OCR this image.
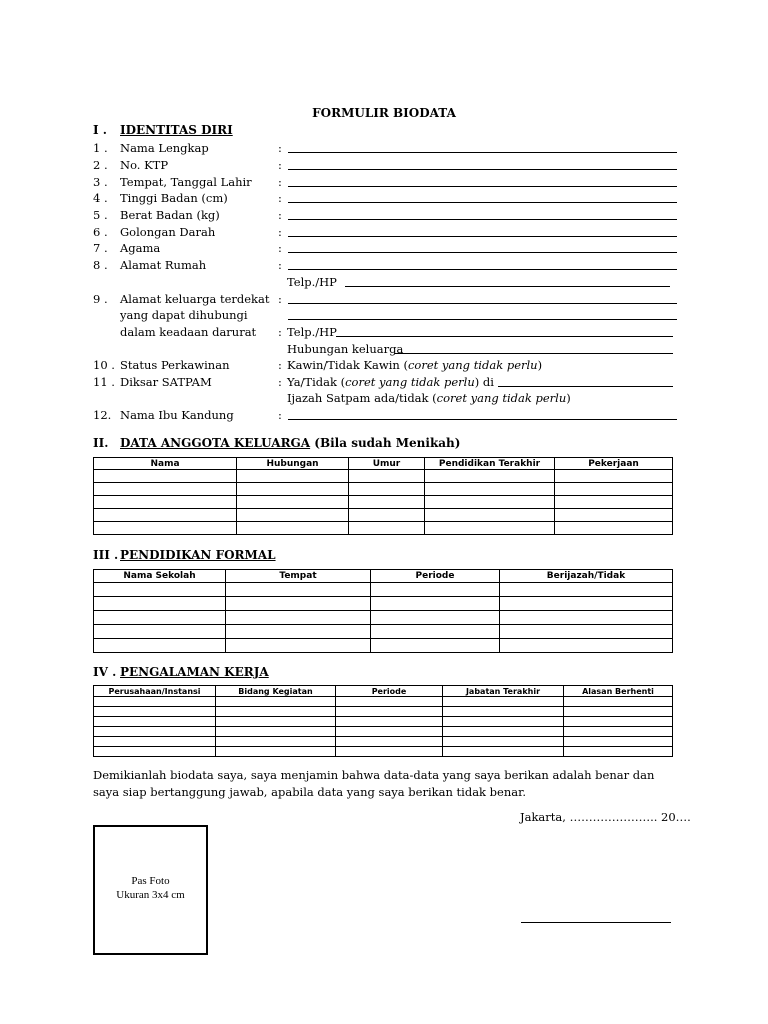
FORMULIR BIODATA
I . IDENTITAS DIRI
1 . Nama Lengkap	:
2 . No. KTP	:
3 . Tempat, Tanggal Lahir :
4 . Tinggi Badan (cm)	:
5 . Berat Badan (kg)	:
6 . Golongan Darah	:
7 . Agama	:
8 . Alamat Rumah	:
Telp./HP
9 . Alamat keluarga terdekat :
yang dapat dihubungi
dalam keadaan darurat : Telp./HP
Hubungan keluarga
10 . Status Perkawinan	: Kawin/Tidak Kawin (coret yang tidak perlu)
11 . Diksar SATPAM	: Ya/Tidak (coret yang tidak perlu) di
Ijazah Satpam ada/tidak (coret yang tidak perlu)
12. Nama Ibu Kandung	:
II. DATA ANGGOTA KELUARGA (Bila sudah Menikah)
Nama	Hubungan	Umur	Pendidikan Terakhir	Pekerjaan

III . PENDIDIKAN FORMAL
Nama Sekolah	Tempat	Periode	Berijazah/Tidak

IV . PENGALAMAN KERJA
Perusahaan/Instansi	Bidang Kegiatan	Periode	Jabatan Terakhir	Alasan Berhenti

Demikianlah biodata saya, saya menjamin bahwa data-data yang saya berikan adalah benar dan saya siap bertanggung jawab, apabila data yang saya berikan tidak benar.
Jakarta, ………………….. 20….
Pas Foto
Ukuran 3x4 cm
